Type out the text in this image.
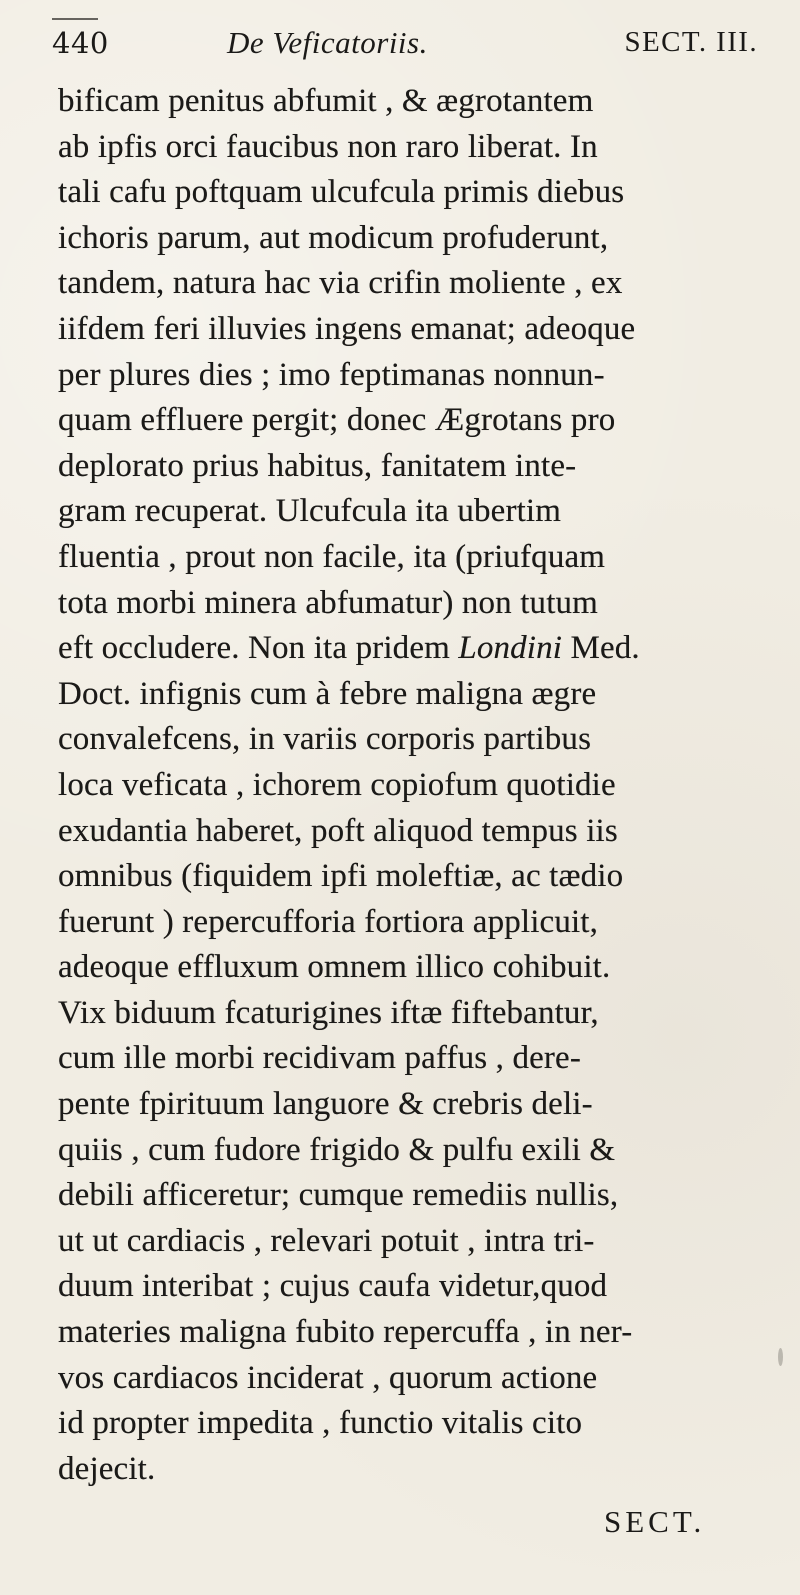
440	De Veficatoriis.	SECT. III.
bificam penitus abfumit , & ægrotantem
ab ipfis orci faucibus non raro liberat. In
tali cafu poftquam ulcufcula primis diebus
ichoris parum, aut modicum profuderunt,
tandem, natura hac via crifin moliente , ex
iifdem feri illuvies ingens emanat; adeoque
per plures dies ; imo feptimanas nonnun-
quam effluere pergit; donec Ægrotans pro
deplorato prius habitus, fanitatem inte-
gram recuperat. Ulcufcula ita ubertim
fluentia , prout non facile, ita (priufquam
tota morbi minera abfumatur) non tutum
eft occludere. Non ita pridem Londini Med.
Doct. infignis cum à febre maligna ægre
convalefcens, in variis corporis partibus
loca veficata , ichorem copiofum quotidie
exudantia haberet, poft aliquod tempus iis
omnibus (fiquidem ipfi moleftiæ, ac tædio
fuerunt ) repercufforia fortiora applicuit,
adeoque effluxum omnem illico cohibuit.
Vix biduum fcaturigines iftæ fiftebantur,
cum ille morbi recidivam paffus , dere-
pente fpirituum languore & crebris deli-
quiis , cum fudore frigido & pulfu exili &
debili afficeretur; cumque remediis nullis,
ut ut cardiacis , relevari potuit , intra tri-
duum interibat ; cujus caufa videtur,quod
materies maligna fubito repercuffa , in ner-
vos cardiacos inciderat , quorum actione
id propter impedita , functio vitalis cito
dejecit.
SECT.
